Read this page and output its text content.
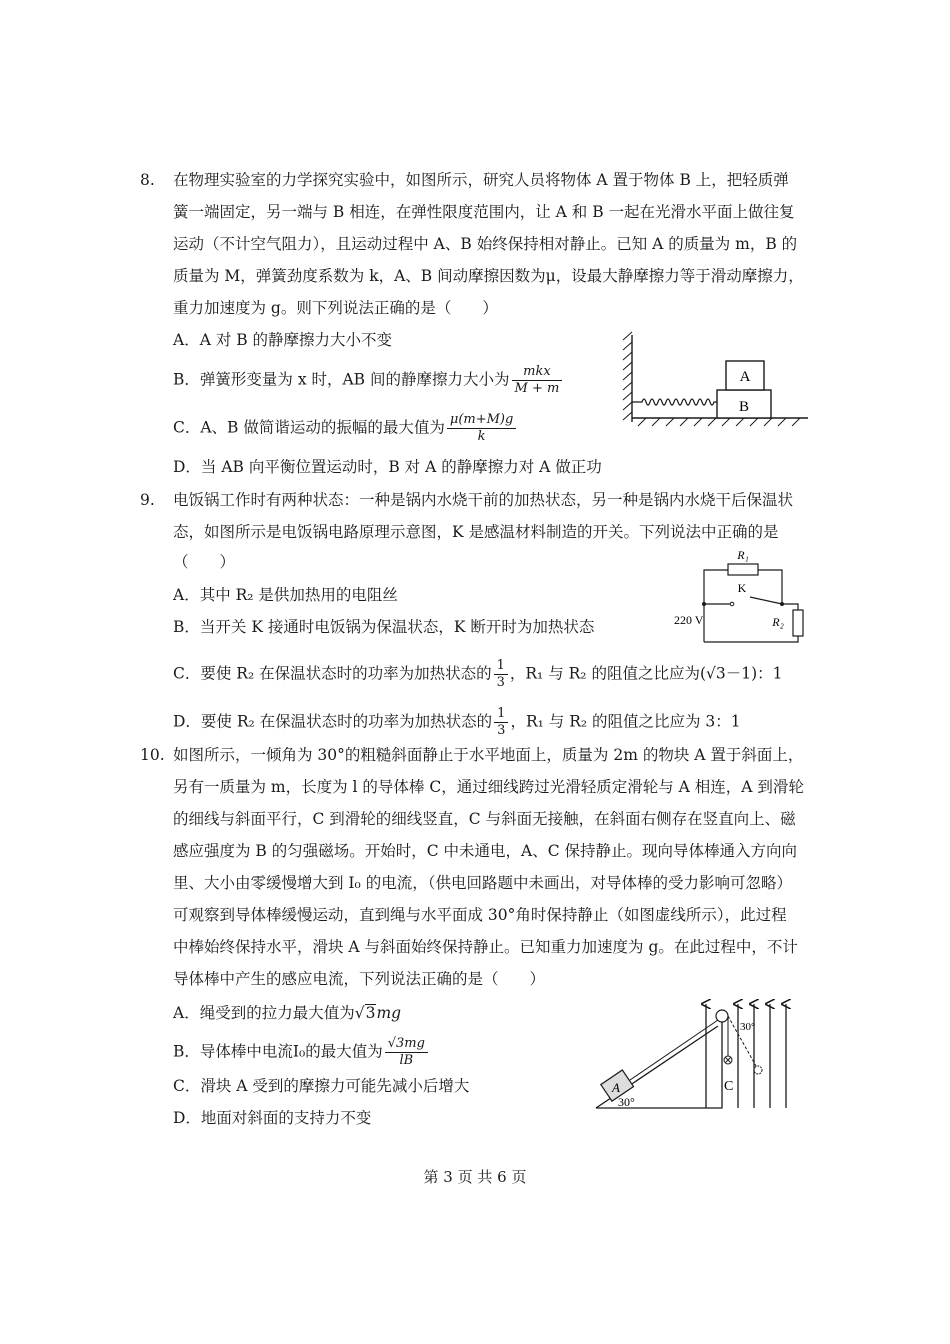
8. 在物理实验室的力学探究实验中，如图所示，研究人员将物体 A 置于物体 B 上，把轻质弹
簧一端固定，另一端与 B 相连，在弹性限度范围内，让 A 和 B 一起在光滑水平面上做往复
运动（不计空气阻力），且运动过程中 A、B 始终保持相对静止。已知 A 的质量为 m，B 的
质量为 M，弹簧劲度系数为 k，A、B 间动摩擦因数为μ，设最大静摩擦力等于滑动摩擦力，
重力加速度为 g。则下列说法正确的是（　　）
A．A 对 B 的静摩擦力大小不变
B．弹簧形变量为 x 时，AB 间的静摩擦力大小为 $\frac{\text{mkx}}{M + m}$
C．A、B 做简谐运动的振幅的最大值为 $\frac{\mu(m+M)g}{k}$
D．当 AB 向平衡位置运动时，B 对 A 的静摩擦力对 A 做正功
B
A
9. 电饭锅工作时有两种状态：一种是锅内水烧干前的加热状态，另一种是锅内水烧干后保温状
态，如图所示是电饭锅电路原理示意图，K 是感温材料制造的开关。下列说法中正确的是
（　　）
A．其中 R₂ 是供加热用的电阻丝
B．当开关 K 接通时电饭锅为保温状态，K 断开时为加热状态
C．要使 R₂ 在保温状态时的功率为加热状态的 $\frac{1}{3}$ ，R₁ 与 R₂ 的阻值之比应为(√3－1)：1
D．要使 R₂ 在保温状态时的功率为加热状态的 $\frac{1}{3}$ ，R₁ 与 R₂ 的阻值之比应为 3：1
R₁
K
220 V	R₂
10. 如图所示，一倾角为 30°的粗糙斜面静止于水平地面上，质量为 2m 的物块 A 置于斜面上，
另有一质量为 m，长度为 l 的导体棒 C，通过细线跨过光滑轻质定滑轮与 A 相连，A 到滑轮
的细线与斜面平行，C 到滑轮的细线竖直，C 与斜面无接触，在斜面右侧存在竖直向上、磁
感应强度为 B 的匀强磁场。开始时，C 中未通电，A、C 保持静止。现向导体棒通入方向向
里、大小由零缓慢增大到 I₀ 的电流，（供电回路题中未画出，对导体棒的受力影响可忽略）
可观察到导体棒缓慢运动，直到绳与水平面成 30°角时保持静止（如图虚线所示），此过程
中棒始终保持水平，滑块 A 与斜面始终保持静止。已知重力加速度为 g。在此过程中，不计
导体棒中产生的感应电流，下列说法正确的是（　　）
A．绳受到的拉力最大值为√3mg
B．导体棒中电流I₀的最大值为 $\frac{√3mg}{lB}$
C．滑块 A 受到的摩擦力可能先减小后增大
D．地面对斜面的支持力不变
A
30°
30°
C
第 3 页 共 6 页
